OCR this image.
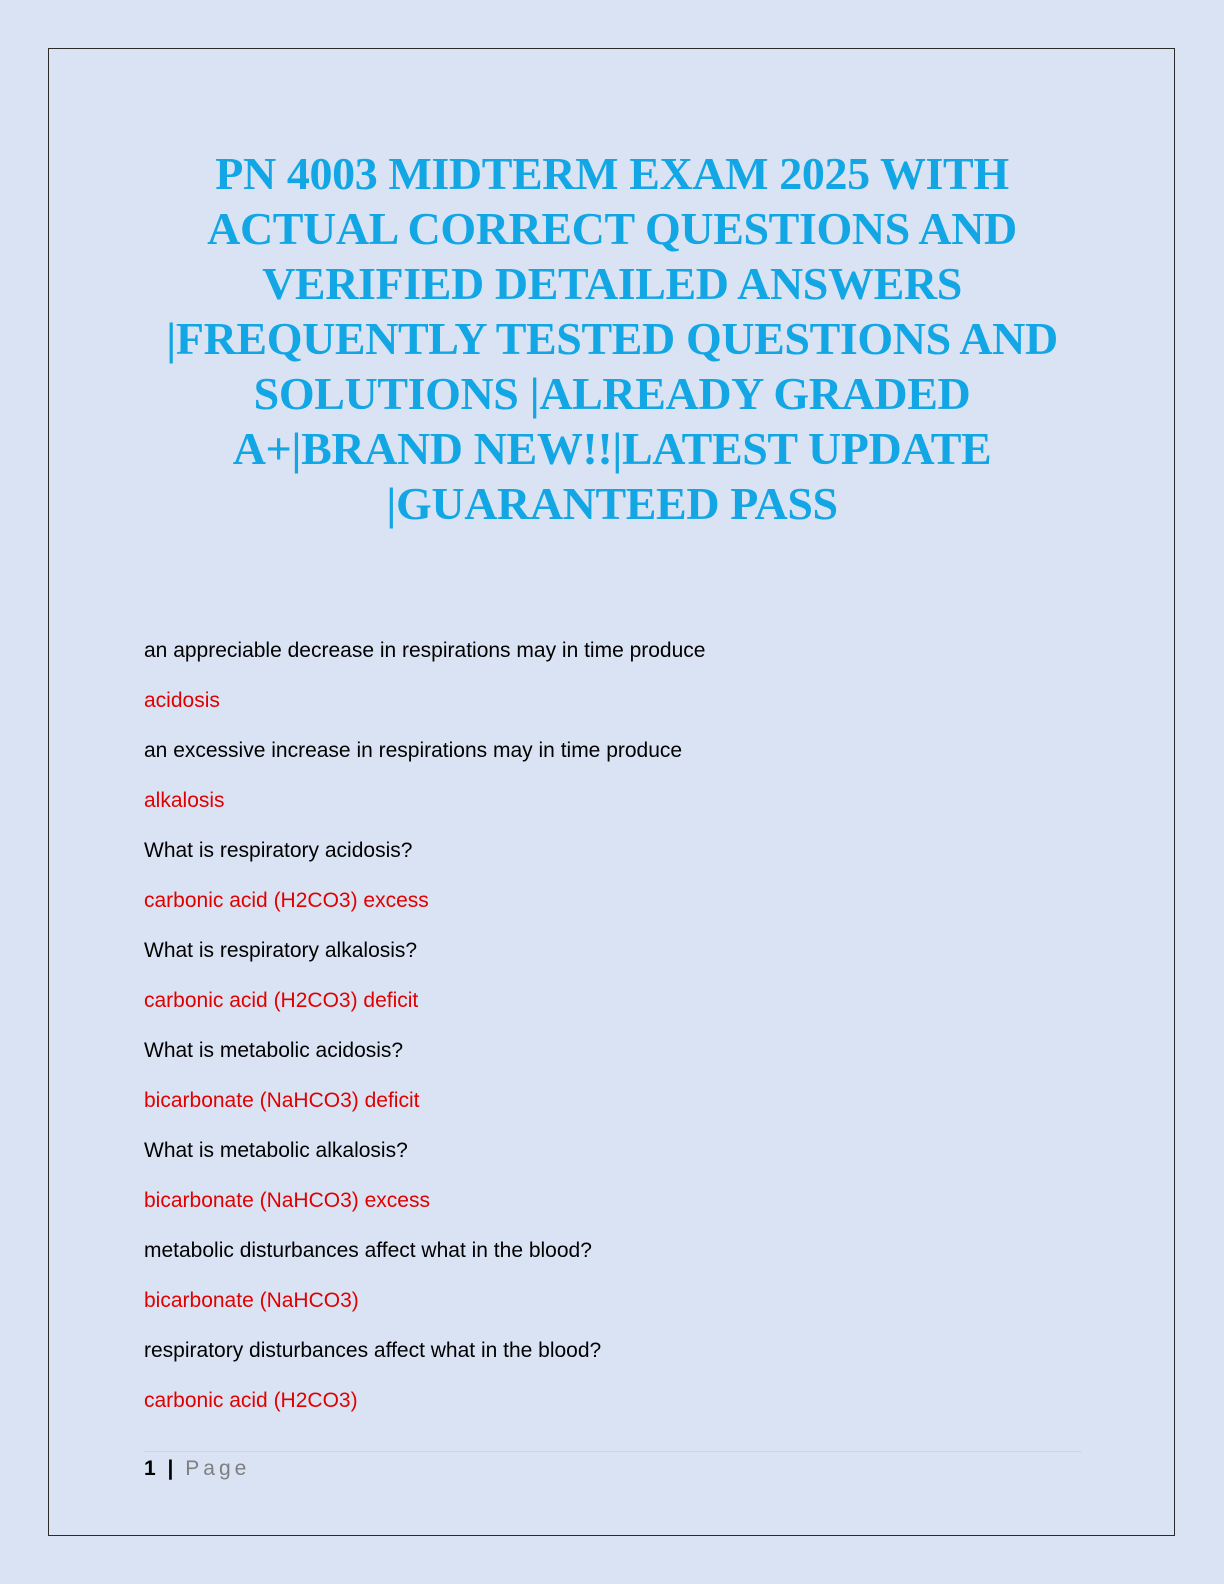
PN 4003 MIDTERM EXAM 2025 WITH
ACTUAL CORRECT QUESTIONS AND
VERIFIED DETAILED ANSWERS
|FREQUENTLY TESTED QUESTIONS AND
SOLUTIONS |ALREADY GRADED
A+|BRAND NEW!!|LATEST UPDATE
|GUARANTEED PASS
an appreciable decrease in respirations may in time produce
acidosis
an excessive increase in respirations may in time produce
alkalosis
What is respiratory acidosis?
carbonic acid (H2CO3) excess
What is respiratory alkalosis?
carbonic acid (H2CO3) deficit
What is metabolic acidosis?
bicarbonate (NaHCO3) deficit
What is metabolic alkalosis?
bicarbonate (NaHCO3) excess
metabolic disturbances affect what in the blood?
bicarbonate (NaHCO3)
respiratory disturbances affect what in the blood?
carbonic acid (H2CO3)
1 | Page
